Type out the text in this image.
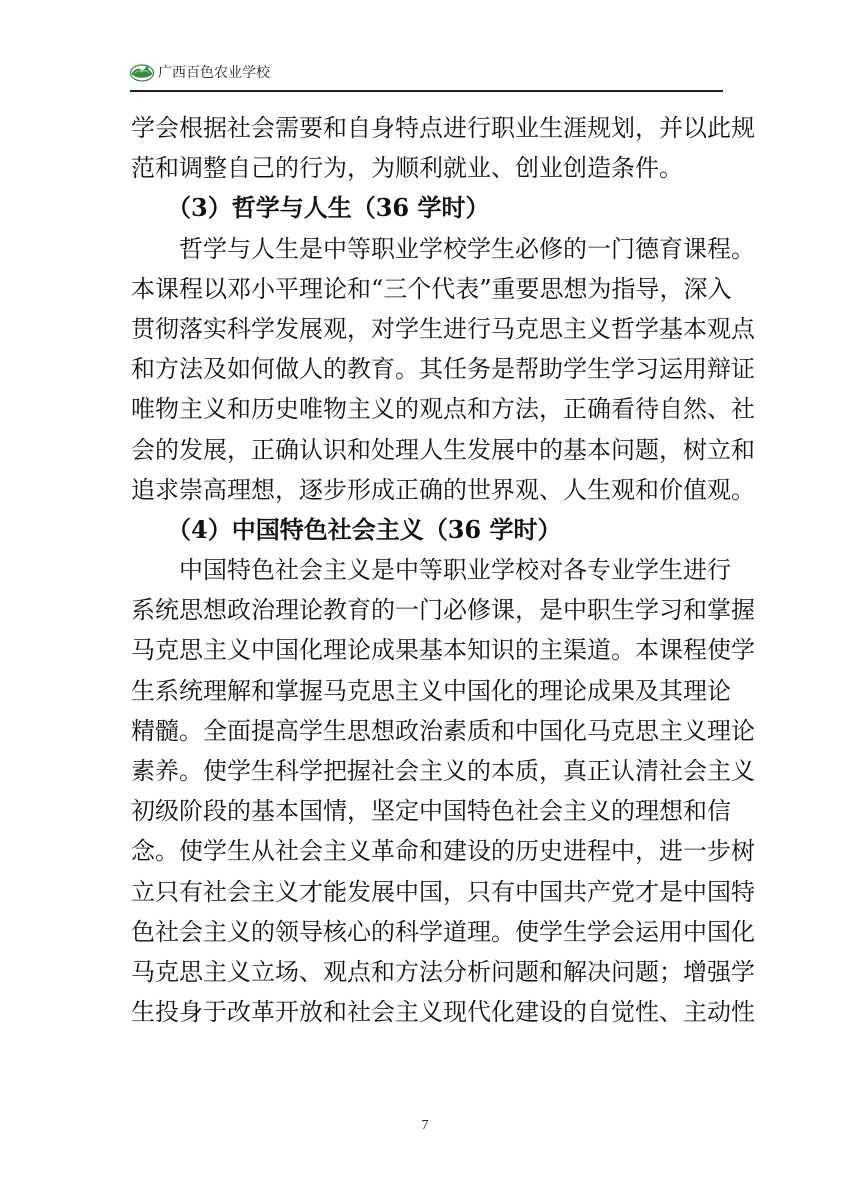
广西百色农业学校
学会根据社会需要和自身特点进行职业生涯规划，并以此规
范和调整自己的行为，为顺利就业、创业创造条件。
（3）哲学与人生（36 学时）
哲学与人生是中等职业学校学生必修的一门德育课程。
本课程以邓小平理论和“三个代表”重要思想为指导，深入
贯彻落实科学发展观，对学生进行马克思主义哲学基本观点
和方法及如何做人的教育。其任务是帮助学生学习运用辩证
唯物主义和历史唯物主义的观点和方法，正确看待自然、社
会的发展，正确认识和处理人生发展中的基本问题，树立和
追求崇高理想，逐步形成正确的世界观、人生观和价值观。
（4）中国特色社会主义（36 学时）
中国特色社会主义是中等职业学校对各专业学生进行
系统思想政治理论教育的一门必修课，是中职生学习和掌握
马克思主义中国化理论成果基本知识的主渠道。本课程使学
生系统理解和掌握马克思主义中国化的理论成果及其理论
精髓。全面提高学生思想政治素质和中国化马克思主义理论
素养。使学生科学把握社会主义的本质，真正认清社会主义
初级阶段的基本国情，坚定中国特色社会主义的理想和信
念。使学生从社会主义革命和建设的历史进程中，进一步树
立只有社会主义才能发展中国，只有中国共产党才是中国特
色社会主义的领导核心的科学道理。使学生学会运用中国化
马克思主义立场、观点和方法分析问题和解决问题；增强学
生投身于改革开放和社会主义现代化建设的自觉性、主动性
7
